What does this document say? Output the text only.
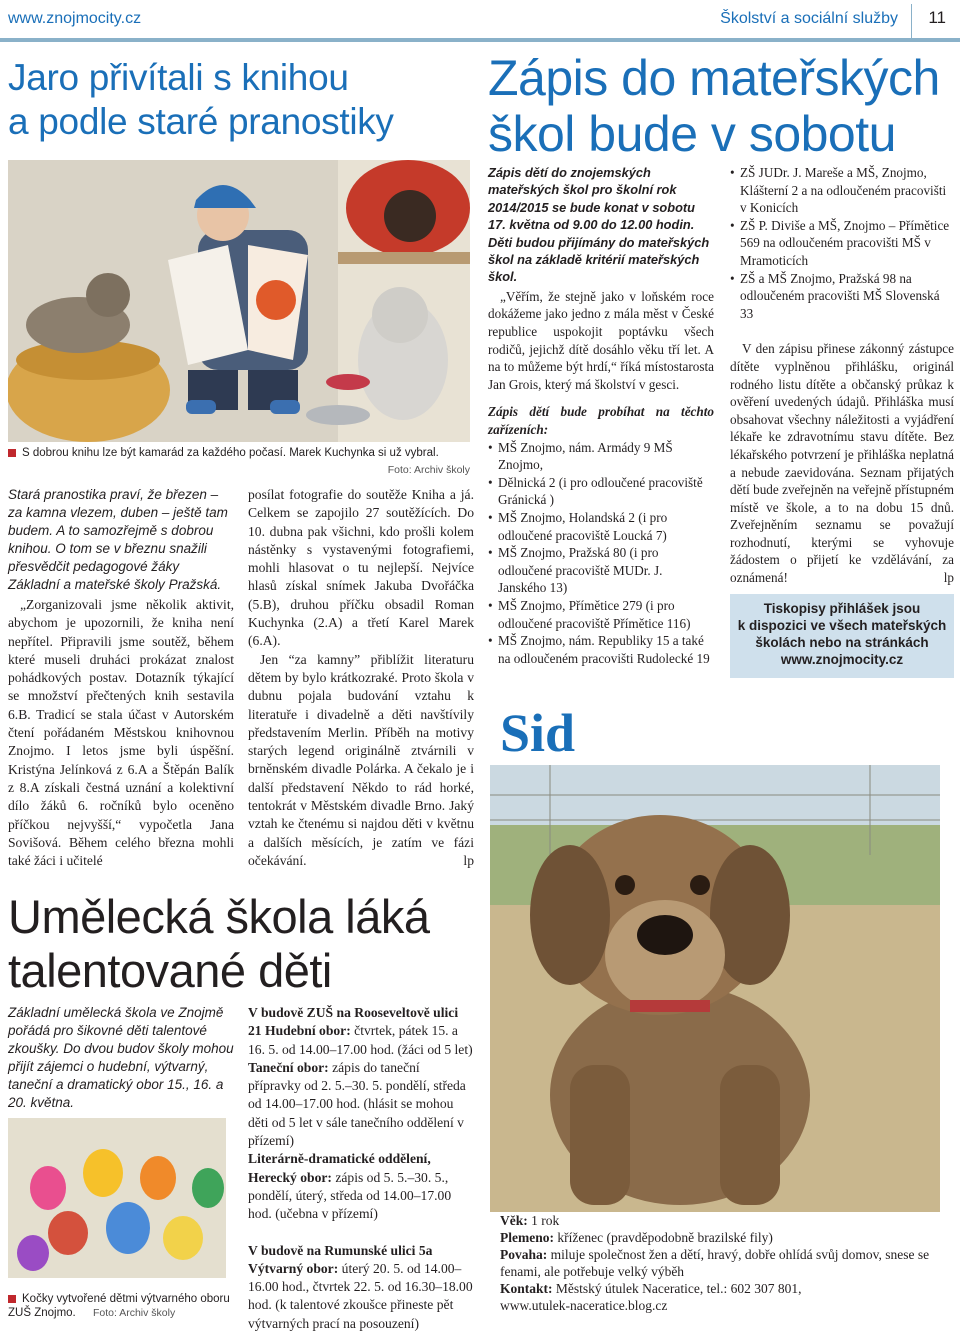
www.znojmocity.cz	Školství a sociální služby 11
Jaro přivítali s knihou
a podle staré pranostiky
S dobrou knihu lze být kamarád za každého počasí. Marek Kuchynka si už vybral.
Foto: Archiv školy
Stará pranostika praví, že březen – za kamna vlezem, duben – ještě tam budem. A to samozřejmě s dobrou knihou. O tom se v březnu snažili přesvědčit pedagogové žáky Základní a mateřské školy Pražská.

„Zorganizovali jsme několik aktivit, abychom je upozornili, že kniha není nepřítel. Připravili jsme soutěž, během které museli druháci prokázat znalost pohádkových postav. Dotazník týkající se množství přečtených knih sestavila 6.B. Tradicí se stala účast v Autorském čtení pořádaném Městskou knihovnou Znojmo. I letos jsme byli úspěšní. Kristýna Jelínková z 6.A a Štěpán Balík z 8.A získali čestná uznání a kolektivní dílo žáků 6. ročníků bylo oceněno příčkou nejvyšší,“ vypočetla Jana Sovišová. Během celého března mohli také žáci i učitelé

posílat fotografie do soutěže Kniha a já. Celkem se zapojilo 27 soutěžících. Do 10. dubna pak všichni, kdo prošli kolem nástěnky s vystavenými fotografiemi, mohli hlasovat o tu nejlepší. Nejvíce hlasů získal snímek Jakuba Dvořáčka (5.B), druhou příčku obsadil Roman Kuchynka (2.A) a třetí Karel Marek (6.A).

Jen “za kamny” přiblížit literaturu dětem by bylo krátkozraké. Proto škola v dubnu pojala budování vztahu k literatuře i divadelně a děti navštívily představením Merlin. Příběh na motivy starých legend originálně ztvárnili v brněnském divadle Polárka. A čekalo je i další představení Někdo to rád horké, tentokrát v Městském divadle Brno. Jaký vztah ke čtenému si najdou děti v květnu a dalších měsících, je zatím ve fázi očekávání.	lp

Umělecká škola láká
talentované děti
Základní umělecká škola ve Znojmě pořádá pro šikovné děti talentové zkoušky. Do dvou budov školy mohou přijít zájemci o hudební, výtvarný, taneční a dramatický obor 15., 16. a 20. května.
Kočky vytvořené dětmi výtvarného oboru ZUŠ Znojmo. Foto: Archiv školy

V budově ZUŠ na Rooseveltově ulici 21 Hudební obor: čtvrtek, pátek 15. a 16. 5. od 14.00–17.00 hod. (žáci od 5 let)

Taneční obor: zápis do taneční přípravky od 2. 5.–30. 5. pondělí, středa od 14.00–17.00 hod. (hlásit se mohou děti od 5 let v sále tanečního oddělení v přízemí)

Literárně-dramatické oddělení, Herecký obor: zápis od 5. 5.–30. 5., pondělí, úterý, středa od 14.00–17.00 hod. (učebna v přízemí)

V budově na Rumunské ulici 5a
Výtvarný obor: úterý 20. 5. od 14.00–16.00 hod., čtvrtek 22. 5. od 16.30–18.00 hod. (k talentové zkoušce přineste pět výtvarných prací na posouzení)

Zápis do mateřských
škol bude v sobotu
Zápis dětí do znojemských mateřských škol pro školní rok 2014/2015 se bude konat v sobotu 17. května od 9.00 do 12.00 hodin. Děti budou přijímány do mateřských škol na základě kritérií mateřských škol.

„Věřím, že stejně jako v loňském roce dokážeme jako jedno z mála měst v České republice uspokojit poptávku všech rodičů, jejichž dítě dosáhlo věku tří let. A na to můžeme být hrdí,“ říká místostarosta Jan Grois, který má školství v gesci.

Zápis dětí bude probíhat na těchto zařízeních:

• MŠ Znojmo, nám. Armády 9 MŠ Znojmo,
• Dělnická 2 (i pro odloučené pracoviště Gránická )
• MŠ Znojmo, Holandská 2 (i pro odloučené pracoviště Loucká 7)
• MŠ Znojmo, Pražská 80 (i pro odloučené pracoviště MUDr. J. Janského 13)
• MŠ Znojmo, Přímětice 279 (i pro odloučené pracoviště Přímětice 116)
• MŠ Znojmo, nám. Republiky 15 a také na odloučeném pracovišti Rudolecké 19
• ZŠ JUDr. J. Mareše a MŠ, Znojmo, Klášterní 2 a na odloučeném pracovišti v Konicích
• ZŠ P. Diviše a MŠ, Znojmo – Přímětice 569 na odloučeném pracovišti MŠ v Mramoticích
• ZŠ a MŠ Znojmo, Pražská 98 na odloučeném pracovišti MŠ Slovenská 33

V den zápisu přinese zákonný zástupce dítěte vyplněnou přihlášku, originál rodného listu dítěte a občanský průkaz k ověření uvedených údajů. Přihláška musí obsahovat všechny náležitosti a vyjádření lékaře ke zdravotnímu stavu dítěte. Bez lékařského potvrzení je přihláška neplatná a nebude zaevidována. Seznam přijatých dětí bude zveřejněn na veřejně přístupném místě ve škole, a to na dobu 15 dnů. Zveřejněním seznamu se považují rozhodnutí, kterými se vyhovuje žádostem o přijetí ke vzdělávání, za oznámená!	lp

Tiskopisy přihlášek jsou
k dispozici ve všech mateřských
školách nebo na stránkách
www.znojmocity.cz
Sid
Věk: 1 rok
Plemeno: kříženec (pravděpodobně brazilské fily)
Povaha: miluje společnost žen a dětí, hravý, dobře ohlídá svůj domov, snese se fenami, ale potřebuje velký výběh
Kontakt: Městský útulek Naceratice, tel.: 602 307 801,
www.utulek-naceratice.blog.cz
